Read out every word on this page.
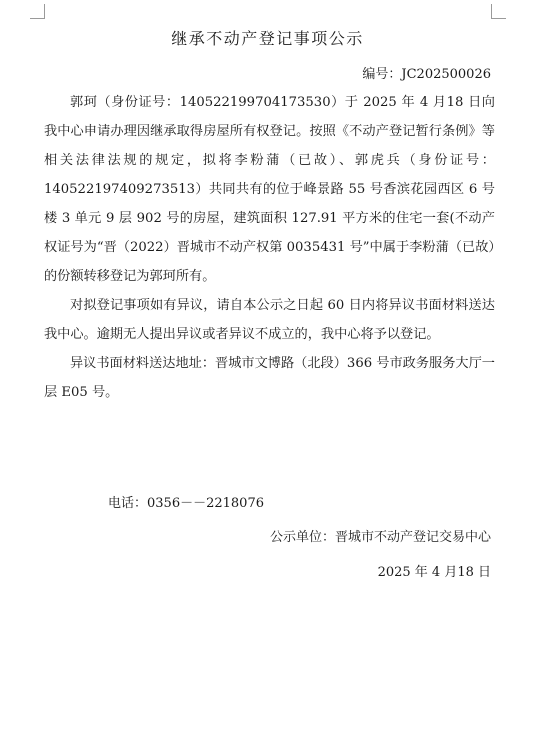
继承不动产登记事项公示
编号：JC202500026

郭珂（身份证号：140522199704173530）于 2025 年 4 月18 日向我中心申请办理因继承取得房屋所有权登记。按照《不动产登记暂行条例》等相关法律法规的规定，拟将李粉蒲（已故）、郭虎兵（身份证号：140522197409273513）共同共有的位于峰景路 55 号香滨花园西区 6 号楼 3 单元 9 层 902 号的房屋，建筑面积 127.91 平方米的住宅一套(不动产权证号为“晋（2022）晋城市不动产权第 0035431 号”中属于李粉蒲（已故）的份额转移登记为郭珂所有。

对拟登记事项如有异议，请自本公示之日起 60 日内将异议书面材料送达我中心。逾期无人提出异议或者异议不成立的，我中心将予以登记。

异议书面材料送达地址：晋城市文博路（北段）366 号市政务服务大厅一层 E05 号。

电话：0356－－2218076
公示单位：晋城市不动产登记交易中心
2025 年 4 月18 日
